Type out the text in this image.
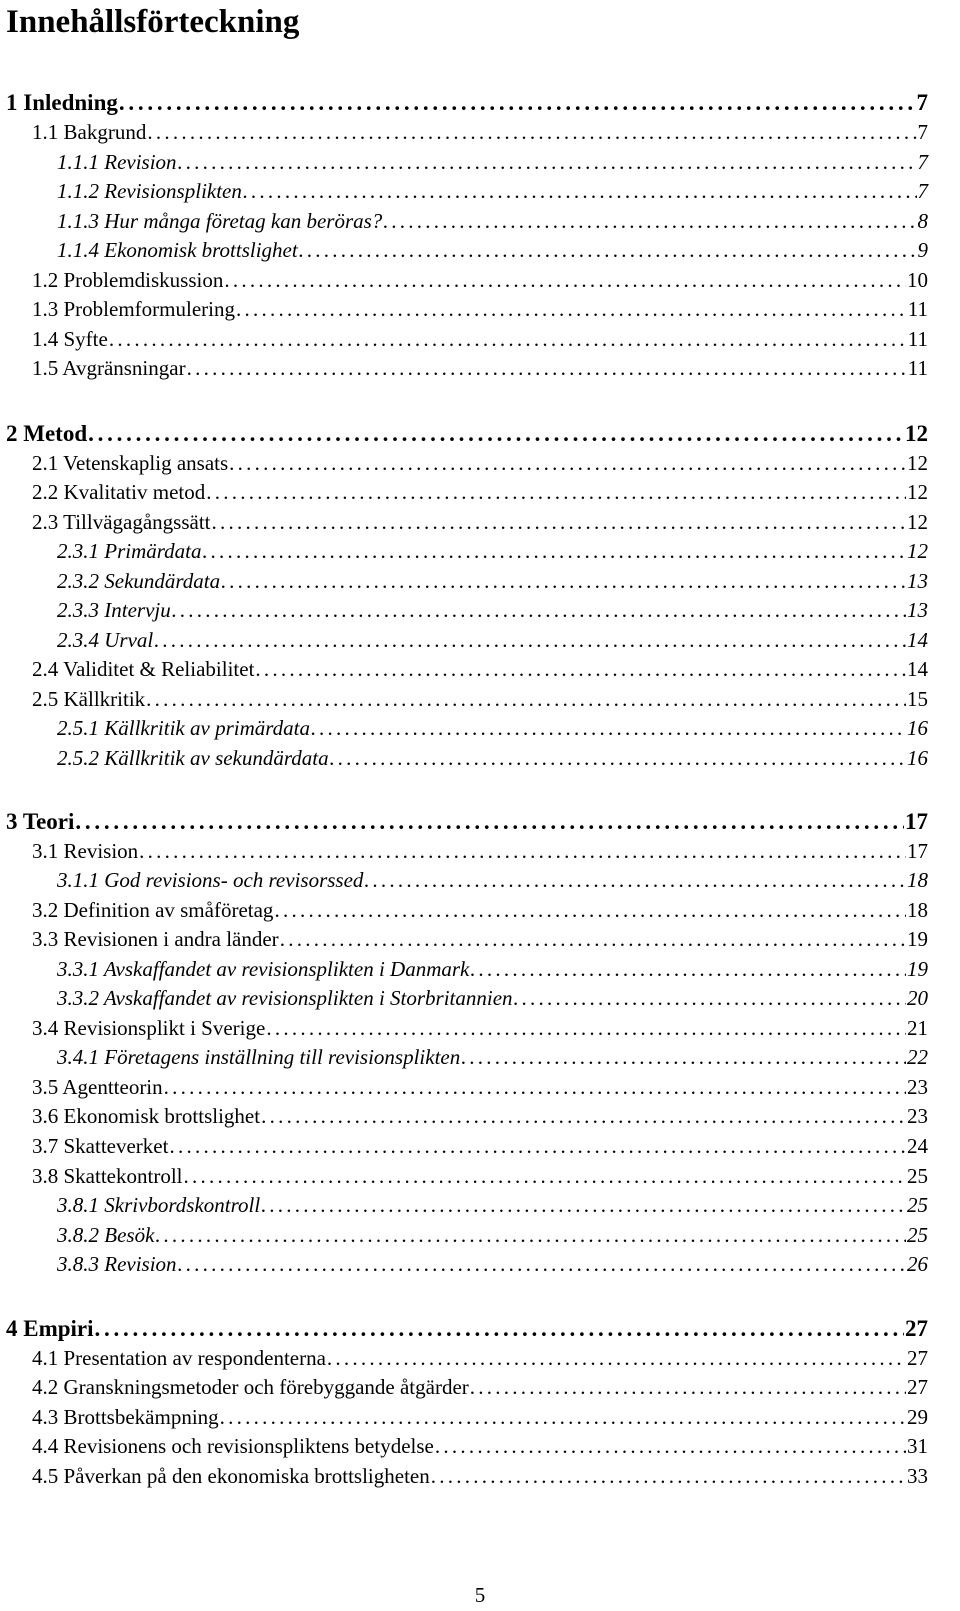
Innehållsförteckning
1 Inledning . . .	7
1.1 Bakgrund . . .	7
1.1.1 Revision . . .	7
1.1.2 Revisionsplikten . . .	7
1.1.3 Hur många företag kan beröras? . . .	8
1.1.4 Ekonomisk brottslighet . . .	9
1.2 Problemdiskussion . . .	10
1.3 Problemformulering . . .	11
1.4 Syfte . . .	11
1.5 Avgränsningar . . .	11
2 Metod . . .	12
2.1 Vetenskaplig ansats . . .	12
2.2 Kvalitativ metod . . .	12
2.3 Tillvägagångssätt . . .	12
2.3.1 Primärdata . . .	12
2.3.2 Sekundärdata . . .	13
2.3.3 Intervju . . .	13
2.3.4 Urval . . .	14
2.4 Validitet & Reliabilitet . . .	14
2.5 Källkritik . . .	15
2.5.1 Källkritik av primärdata . . .	16
2.5.2 Källkritik av sekundärdata . . .	16
3 Teori . . .	17
3.1 Revision . . .	17
3.1.1 God revisions- och revisorssed . . .	18
3.2 Definition av småföretag . . .	18
3.3 Revisionen i andra länder . . .	19
3.3.1 Avskaffandet av revisionsplikten i Danmark . . .	19
3.3.2 Avskaffandet av revisionsplikten i Storbritannien . . .	20
3.4 Revisionsplikt i Sverige . . .	21
3.4.1 Företagens inställning till revisionsplikten . . .	22
3.5 Agentteorin . . .	23
3.6 Ekonomisk brottslighet . . .	23
3.7 Skatteverket . . .	24
3.8 Skattekontroll . . .	25
3.8.1 Skrivbordskontroll . . .	25
3.8.2 Besök . . .	25
3.8.3 Revision . . .	26
4 Empiri . . .	27
4.1 Presentation av respondenterna . . .	27
4.2 Granskningsmetoder och förebyggande åtgärder . . .	27
4.3 Brottsbekämpning . . .	29
4.4 Revisionens och revisionspliktens betydelse . . .	31
4.5 Påverkan på den ekonomiska brottsligheten . . .	33
5
